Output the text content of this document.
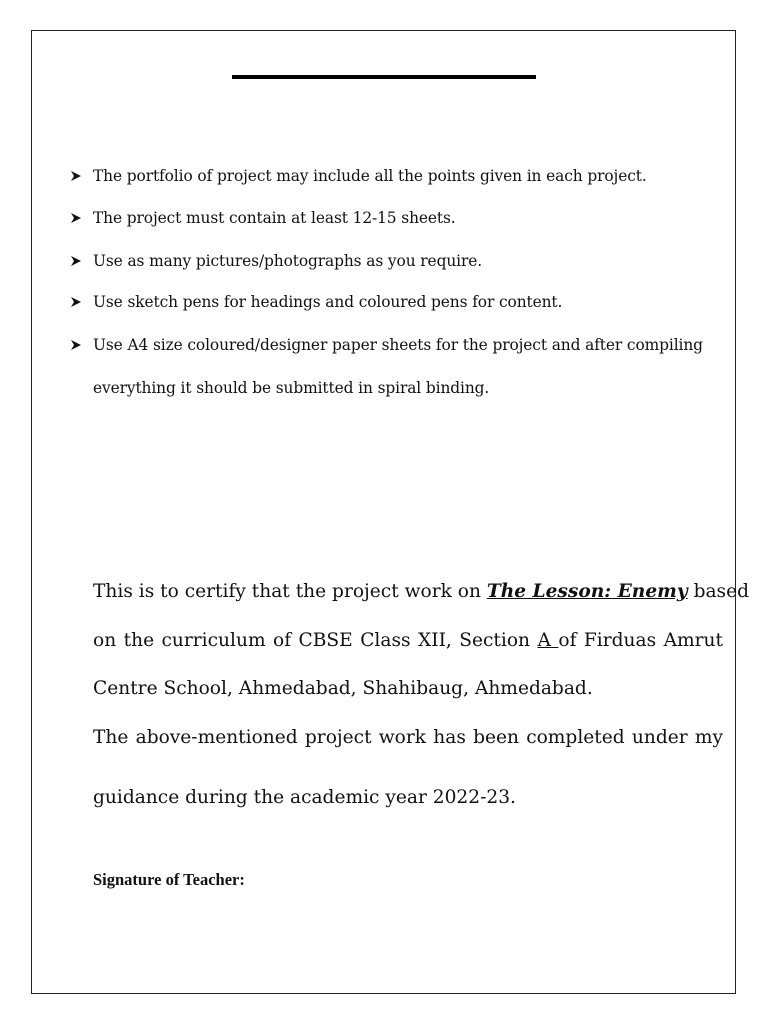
The portfolio of project may include all the points given in each project.
The project must contain at least 12-15 sheets.
Use as many pictures/photographs as you require.
Use sketch pens for headings and coloured pens for content.
Use A4 size coloured/designer paper sheets for the project and after compiling
everything it should be submitted in spiral binding.
This is to certify that the project work on The Lesson: Enemy based
on the curriculum of CBSE Class XII, Section A of Firduas Amrut
Centre School, Ahmedabad, Shahibaug, Ahmedabad.
The above-mentioned project work has been completed under my
guidance during the academic year 2022-23.
Signature of Teacher:
